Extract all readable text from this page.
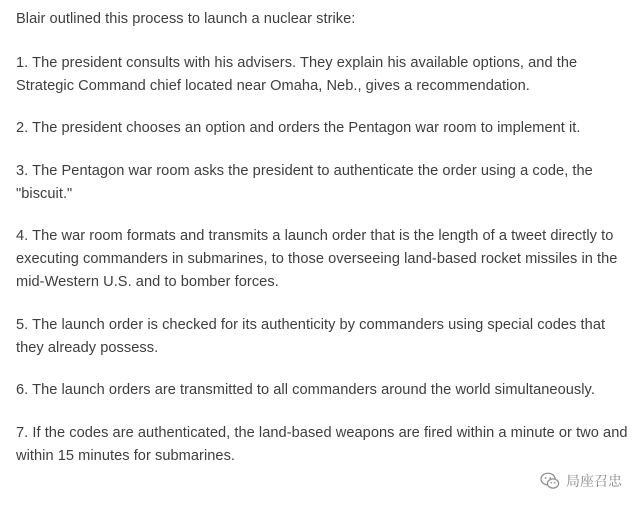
Blair outlined this process to launch a nuclear strike:

1. The president consults with his advisers. They explain his available options, and the Strategic Command chief located near Omaha, Neb., gives a recommendation.

2. The president chooses an option and orders the Pentagon war room to implement it.

3. The Pentagon war room asks the president to authenticate the order using a code, the "biscuit."

4. The war room formats and transmits a launch order that is the length of a tweet directly to executing commanders in submarines, to those overseeing land-based rocket missiles in the mid-Western U.S. and to bomber forces.

5. The launch order is checked for its authenticity by commanders using special codes that they already possess.

6. The launch orders are transmitted to all commanders around the world simultaneously.

7. If the codes are authenticated, the land-based weapons are fired within a minute or two and within 15 minutes for submarines.

局座召忠
